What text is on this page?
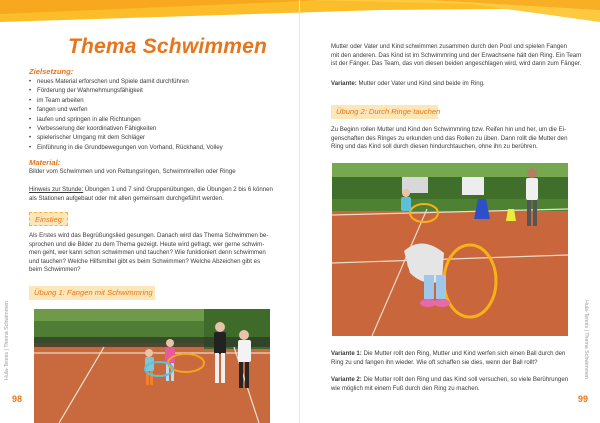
Thema Schwimmen
Zielsetzung:
• neues Material erforschen und Spiele damit durchführen
• Förderung der Wahrnehmungsfähigkeit
• im Team arbeiten
• fangen und werfen
• laufen und springen in alle Richtungen
• Verbesserung der koordinativen Fähigkeiten
• spielerischer Umgang mit dem Schläger
• Einführung in die Grundbewegungen von Vorhand, Rückhand, Volley
Material:
Bilder vom Schwimmen und von Rettungsringen, Schwimmreifen oder Ringe
Hinweis zur Stunde: Übungen 1 und 7 sind Gruppenübungen, die Übungen 2 bis 6 können
als Stationen aufgebaut oder mit allen gemeinsam durchgeführt werden.
Einstieg:
Als Erstes wird das Begrüßungslied gesungen. Danach wird das Thema Schwimmen be-
sprochen und die Bilder zu dem Thema gezeigt. Heute wird gefragt, wer gerne schwim-
men geht, wer kann schon schwimmen und tauchen? Wie funktioniert denn schwimmen
und tauchen? Welche Hilfsmittel gibt es beim Schwimmen? Welche Abzeichen gibt es
beim Schwimmen?
Übung 1: Fangen mit Schwimmring
Hula-Tennis | Thema Schwimmen
98
Mutter oder Vater und Kind schwimmen zusammen durch den Pool und spielen Fangen
mit den anderen. Das Kind ist im Schwimmring und der Erwachsene hält den Ring. Ein Team
ist der Fänger. Das Team, das von diesen beiden angeschlagen wird, wird dann zum Fänger.
Variante: Mutter oder Vater und Kind sind beide im Ring.
Übung 2: Durch Ringe tauchen
Zu Beginn rollen Mutter und Kind den Schwimmring bzw. Reifen hin und her, um die Ei-
genschaften des Ringes zu erkunden und das Rollen zu üben. Dann rollt die Mutter den
Ring und das Kind soll durch diesen hindurchtauchen, ohne ihn zu berühren.
Variante 1: Die Mutter rollt den Ring, Mutter und Kind werfen sich einen Ball durch den
Ring zu und fangen ihn wieder. Wie oft schaffen sie dies, wenn der Ball rollt?
Variante 2: Die Mutter rollt den Ring und das Kind soll versuchen, so viele Berührungen
wie möglich mit einem Fuß durch den Ring zu machen.
Hula-Tennis | Thema Schwimmen
99
